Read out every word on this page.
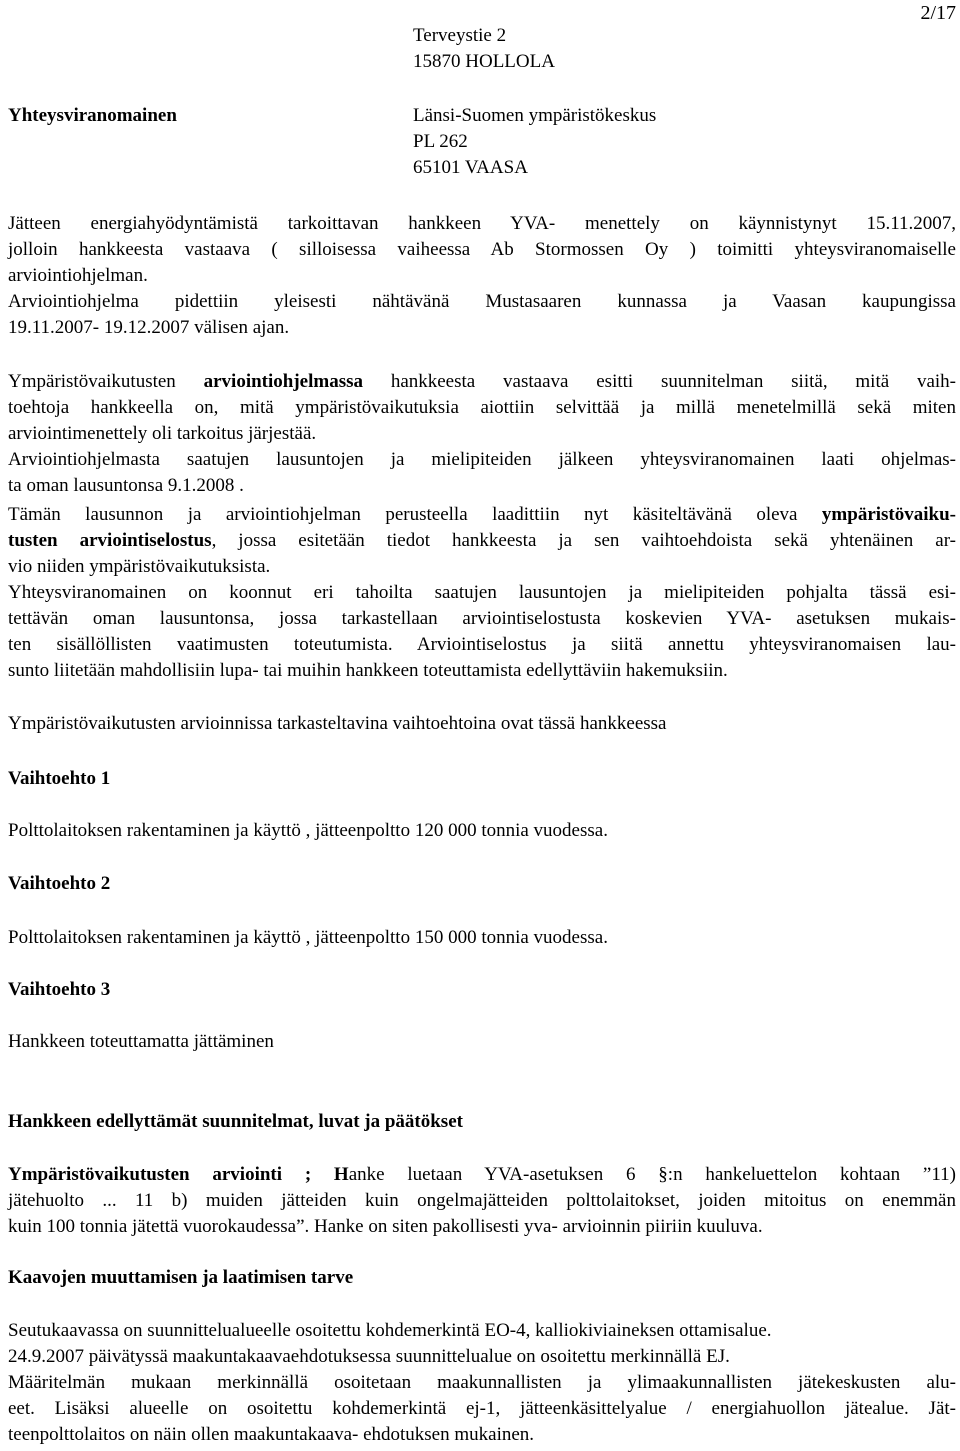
2/17
Terveystie 2
15870 HOLLOLA
Yhteysviranomainen	Länsi-Suomen ympäristökeskus
PL 262
65101 VAASA
Jätteen energiahyödyntämistä tarkoittavan hankkeen YVA- menettely on käynnistynyt 15.11.2007,
jolloin hankkeesta vastaava ( silloisessa vaiheessa Ab Stormossen Oy ) toimitti yhteysviranomaiselle
arviointiohjelman.
Arviointiohjelma pidettiin yleisesti nähtävänä Mustasaaren kunnassa ja Vaasan kaupungissa
19.11.2007- 19.12.2007 välisen ajan.
Ympäristövaikutusten arviointiohjelmassa hankkeesta vastaava esitti suunnitelman siitä, mitä vaih-
toehtoja hankkeella on, mitä ympäristövaikutuksia aiottiin selvittää ja millä menetelmillä sekä miten
arviointimenettely oli tarkoitus järjestää.
Arviointiohjelmasta saatujen lausuntojen ja mielipiteiden jälkeen yhteysviranomainen laati ohjelmas-
ta oman lausuntonsa 9.1.2008 .
Tämän lausunnon ja arviointiohjelman perusteella laadittiin nyt käsiteltävänä oleva ympäristövaiku-
tusten arviointiselostus, jossa esitetään tiedot hankkeesta ja sen vaihtoehdoista sekä yhtenäinen ar-
vio niiden ympäristövaikutuksista.
Yhteysviranomainen on koonnut eri tahoilta saatujen lausuntojen ja mielipiteiden pohjalta tässä esi-
tettävän oman lausuntonsa, jossa tarkastellaan arviointiselostusta koskevien YVA- asetuksen mukais-
ten sisällöllisten vaatimusten toteutumista. Arviointiselostus ja siitä annettu yhteysviranomaisen lau-
sunto liitetään mahdollisiin lupa- tai muihin hankkeen toteuttamista edellyttäviin hakemuksiin.
Ympäristövaikutusten arvioinnissa tarkasteltavina vaihtoehtoina ovat tässä hankkeessa
Vaihtoehto 1
Polttolaitoksen rakentaminen ja käyttö , jätteenpoltto 120 000 tonnia vuodessa.
Vaihtoehto 2
Polttolaitoksen rakentaminen ja käyttö , jätteenpoltto 150 000 tonnia vuodessa.
Vaihtoehto 3
Hankkeen toteuttamatta jättäminen
Hankkeen edellyttämät suunnitelmat, luvat ja päätökset
Ympäristövaikutusten arviointi ; Hanke luetaan YVA-asetuksen 6 §:n hankeluettelon kohtaan ”11)
jätehuolto ... 11 b) muiden jätteiden kuin ongelmajätteiden polttolaitokset, joiden mitoitus on enemmän
kuin 100 tonnia jätettä vuorokaudessa”. Hanke on siten pakollisesti yva- arvioinnin piiriin kuuluva.
Kaavojen muuttamisen ja laatimisen tarve
Seutukaavassa on suunnittelualueelle osoitettu kohdemerkintä EO-4, kalliokiviaineksen ottamisalue.
24.9.2007 päivätyssä maakuntakaavaehdotuksessa suunnittelualue on osoitettu merkinnällä EJ.
Määritelmän mukaan merkinnällä osoitetaan maakunnallisten ja ylimaakunnallisten jätekeskusten alu-
eet. Lisäksi alueelle on osoitettu kohdemerkintä ej-1, jätteenkäsittelyalue / energiahuollon jätealue. Jät-
teenpolttolaitos on näin ollen maakuntakaava- ehdotuksen mukainen.
